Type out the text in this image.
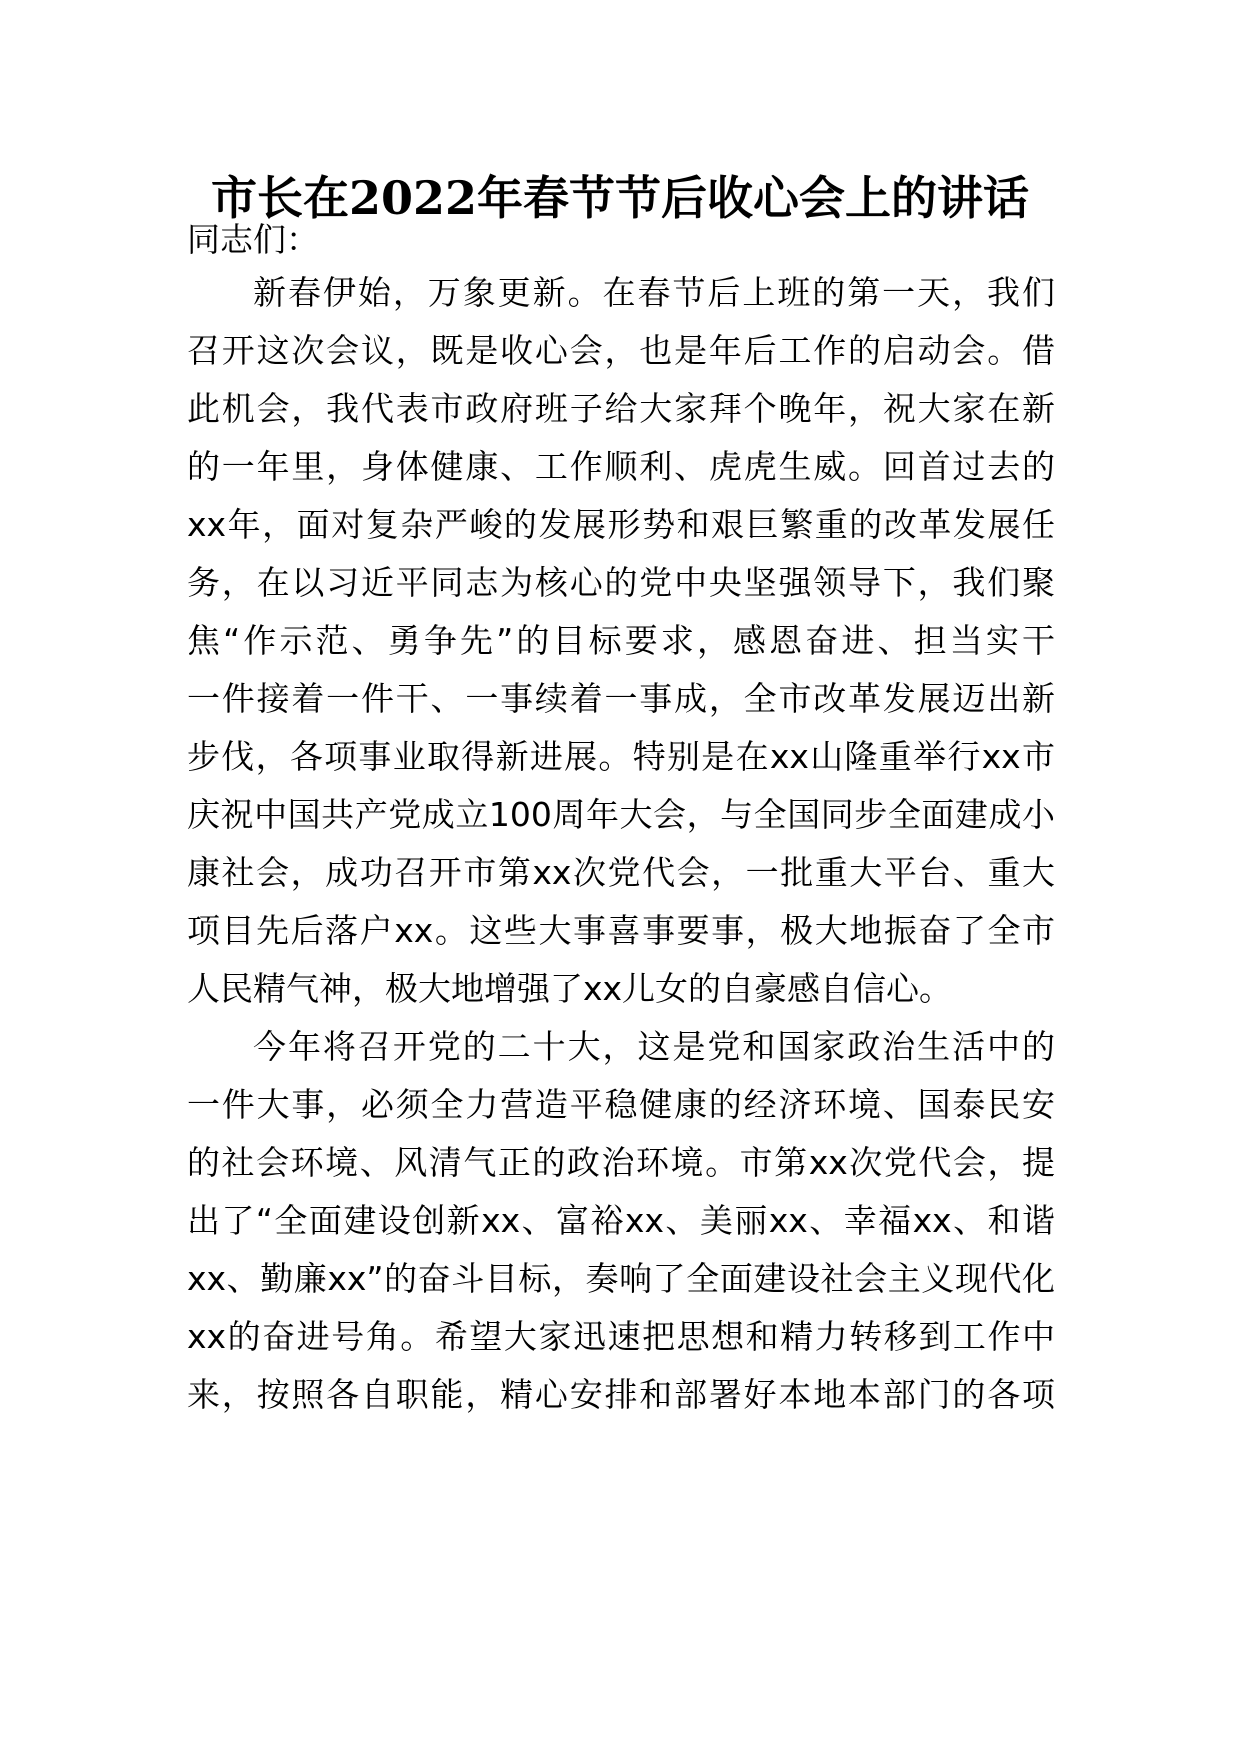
市长在2022年春节节后收心会上的讲话
同志们：
新春伊始，万象更新。在春节后上班的第一天，我们
召开这次会议，既是收心会，也是年后工作的启动会。借
此机会，我代表市政府班子给大家拜个晚年，祝大家在新
的一年里，身体健康、工作顺利、虎虎生威。回首过去的
xx年，面对复杂严峻的发展形势和艰巨繁重的改革发展任
务，在以习近平同志为核心的党中央坚强领导下，我们聚
焦“作示范、勇争先”的目标要求，感恩奋进、担当实干
一件接着一件干、一事续着一事成，全市改革发展迈出新
步伐，各项事业取得新进展。特别是在xx山隆重举行xx市
庆祝中国共产党成立100周年大会，与全国同步全面建成小
康社会，成功召开市第xx次党代会，一批重大平台、重大
项目先后落户xx。这些大事喜事要事，极大地振奋了全市
人民精气神，极大地增强了xx儿女的自豪感自信心。
今年将召开党的二十大，这是党和国家政治生活中的
一件大事，必须全力营造平稳健康的经济环境、国泰民安
的社会环境、风清气正的政治环境。市第xx次党代会，提
出了“全面建设创新xx、富裕xx、美丽xx、幸福xx、和谐
xx、勤廉xx”的奋斗目标，奏响了全面建设社会主义现代化
xx的奋进号角。希望大家迅速把思想和精力转移到工作中
来，按照各自职能，精心安排和部署好本地本部门的各项
